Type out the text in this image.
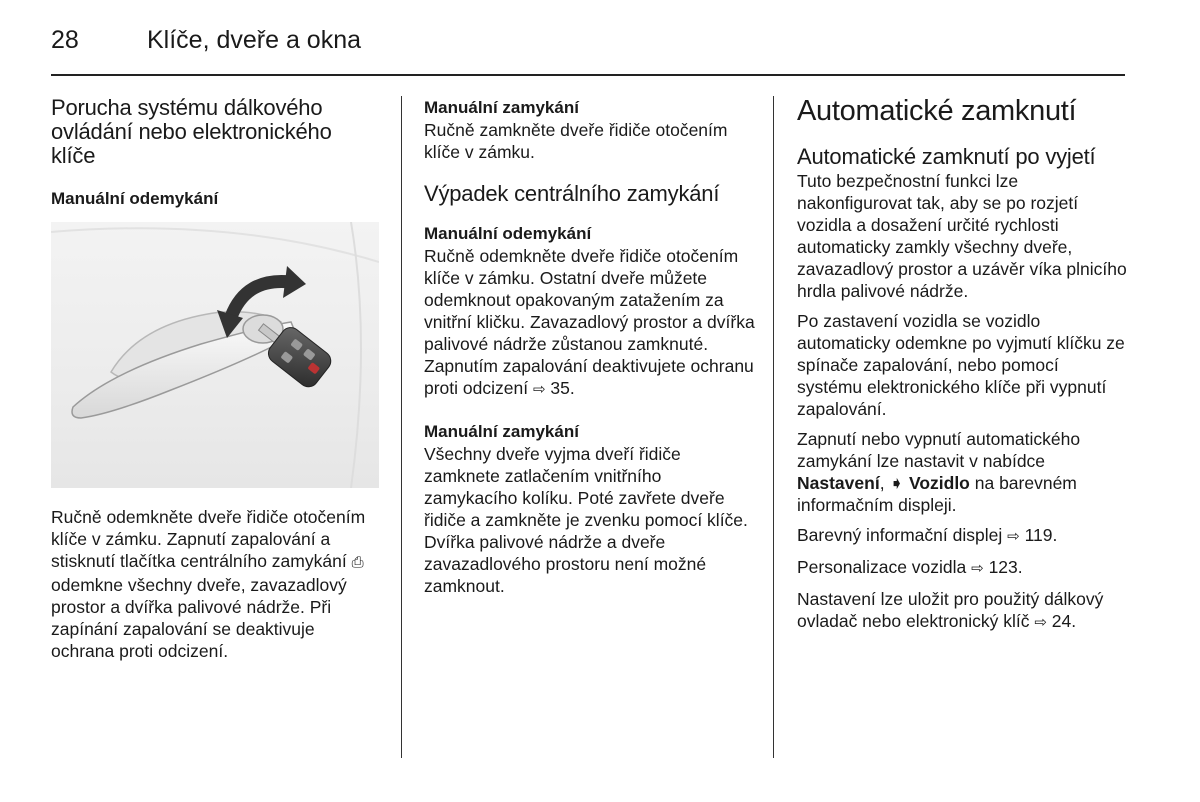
28	Klíče, dveře a okna
Porucha systému dálkového ovládání nebo elektronického klíče
Manuální odemykání

Ručně odemkněte dveře řidiče otočením klíče v zámku. Zapnutí zapalování a stisknutí tlačítka centrálního zamykání ⎙ odemkne všechny dveře, zavazadlový prostor a dvířka palivové nádrže. Při zapínání zapalování se deaktivuje ochrana proti odcizení.

Manuální zamykání

Ručně zamkněte dveře řidiče otočením klíče v zámku.

Výpadek centrálního zamykání
Manuální odemykání

Ručně odemkněte dveře řidiče otočením klíče v zámku. Ostatní dveře můžete odemknout opakovaným zatažením za vnitřní kličku. Zavazadlový prostor a dvířka palivové nádrže zůstanou zamknuté. Zapnutím zapalování deaktivujete ochranu proti odcizení ⇨ 35.

Manuální zamykání

Všechny dveře vyjma dveří řidiče zamknete zatlačením vnitřního zamykacího kolíku. Poté zavřete dveře řidiče a zamkněte je zvenku pomocí klíče. Dvířka palivové nádrže a dveře zavazadlového prostoru není možné zamknout.

Automatické zamknutí
Automatické zamknutí po vyjetí

Tuto bezpečnostní funkci lze nakonfigurovat tak, aby se po rozjetí vozidla a dosažení určité rychlosti automaticky zamkly všechny dveře, zavazadlový prostor a uzávěr víka plnicího hrdla palivové nádrže.

Po zastavení vozidla se vozidlo automaticky odemkne po vyjmutí klíčku ze spínače zapalování, nebo pomocí systému elektronického klíče při vypnutí zapalování.

Zapnutí nebo vypnutí automatického zamykání lze nastavit v nabídce Nastavení, ➧ Vozidlo na barevném informačním displeji.

Barevný informační displej ⇨ 119.

Personalizace vozidla ⇨ 123.

Nastavení lze uložit pro použitý dálkový ovladač nebo elektronický klíč ⇨ 24.
